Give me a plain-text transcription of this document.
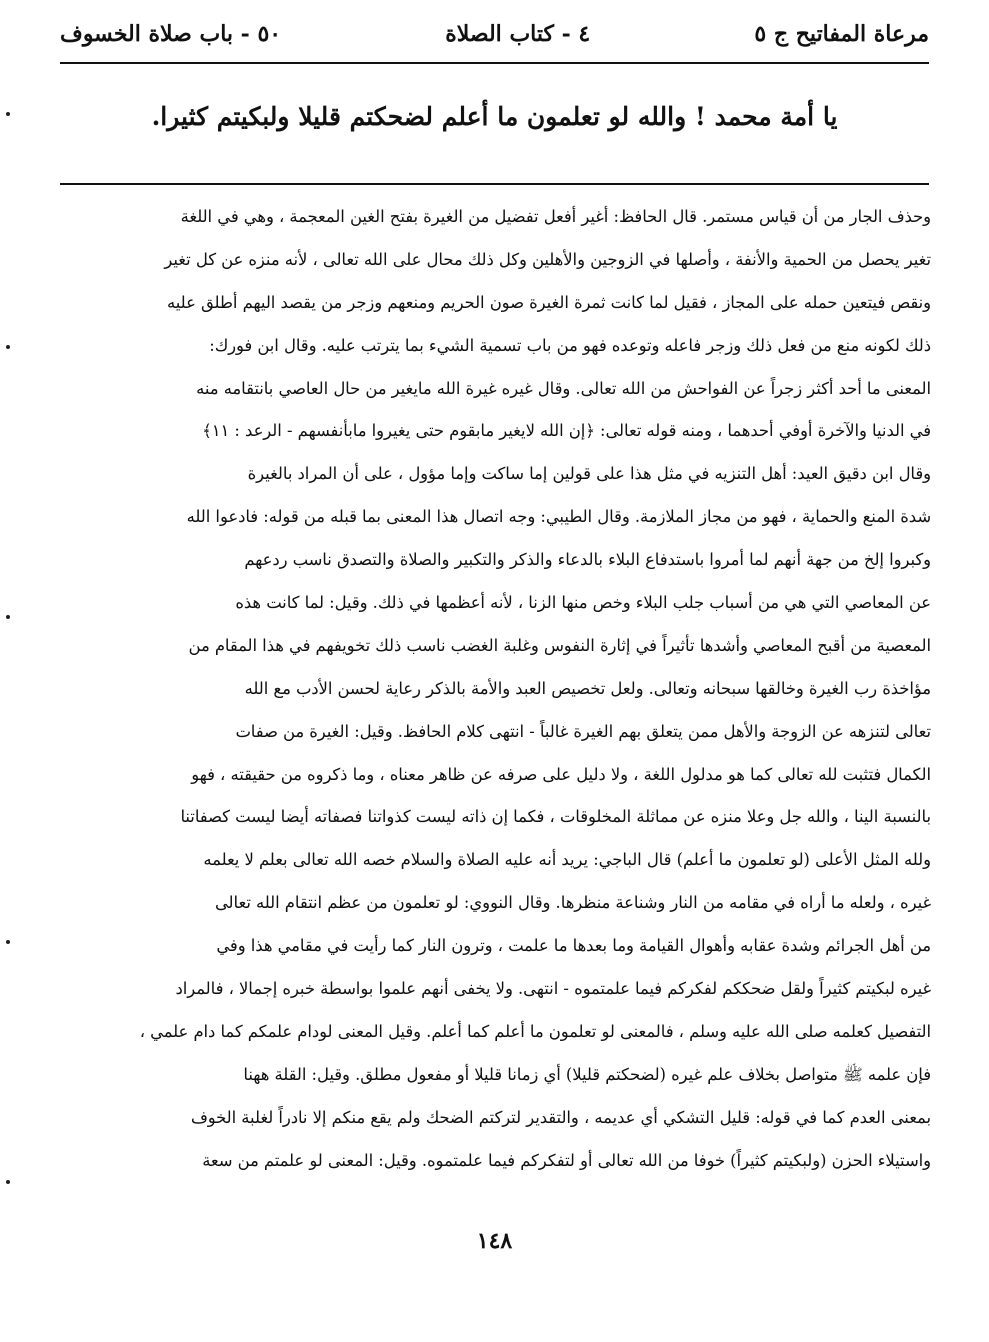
مرعاة المفاتيح ج ٥
٤ - كتاب الصلاة
٥٠ - باب صلاة الخسوف
يا أمة محمد ! والله لو تعلمون ما أعلم لضحكتم قليلا ولبكيتم كثيرا.
وحذف الجار من أن قياس مستمر. قال الحافظ: أغير أفعل تفضيل من الغيرة بفتح الغين المعجمة ، وهي في اللغة
تغير يحصل من الحمية والأنفة ، وأصلها في الزوجين والأهلين وكل ذلك محال على الله تعالى ، لأنه منزه عن كل تغير
ونقص فيتعين حمله على المجاز ، فقيل لما كانت ثمرة الغيرة صون الحريم ومنعهم وزجر من يقصد اليهم أطلق عليه
ذلك لكونه منع من فعل ذلك وزجر فاعله وتوعده فهو من باب تسمية الشيء بما يترتب عليه. وقال ابن فورك:
المعنى ما أحد أكثر زجراً عن الفواحش من الله تعالى. وقال غيره غيرة الله مايغير من حال العاصي بانتقامه منه
في الدنيا والآخرة أوفي أحدهما ، ومنه قوله تعالى: ﴿إن الله لايغير مابقوم حتى يغيروا مابأنفسهم - الرعد : ١١﴾
وقال ابن دقيق العيد: أهل التنزيه في مثل هذا على قولين إما ساكت وإما مؤول ، على أن المراد بالغيرة
شدة المنع والحماية ، فهو من مجاز الملازمة. وقال الطيبي: وجه اتصال هذا المعنى بما قبله من قوله: فادعوا الله
وكبروا إلخ من جهة أنهم لما أمروا باستدفاع البلاء بالدعاء والذكر والتكبير والصلاة والتصدق ناسب ردعهم
عن المعاصي التي هي من أسباب جلب البلاء وخص منها الزنا ، لأنه أعظمها في ذلك. وقيل: لما كانت هذه
المعصية من أقبح المعاصي وأشدها تأثيراً في إثارة النفوس وغلبة الغضب ناسب ذلك تخويفهم في هذا المقام من
مؤاخذة رب الغيرة وخالقها سبحانه وتعالى. ولعل تخصيص العبد والأمة بالذكر رعاية لحسن الأدب مع الله
تعالى لتنزهه عن الزوجة والأهل ممن يتعلق بهم الغيرة غالباً - انتهى كلام الحافظ. وقيل: الغيرة من صفات
الكمال فتثبت لله تعالى كما هو مدلول اللغة ، ولا دليل على صرفه عن ظاهر معناه ، وما ذكروه من حقيقته ، فهو
بالنسبة الينا ، والله جل وعلا منزه عن مماثلة المخلوقات ، فكما إن ذاته ليست كذواتنا فصفاته أيضا ليست كصفاتنا
ولله المثل الأعلى (لو تعلمون ما أعلم) قال الباجي: يريد أنه عليه الصلاة والسلام خصه الله تعالى بعلم لا يعلمه
غيره ، ولعله ما أراه في مقامه من النار وشناعة منظرها. وقال النووي: لو تعلمون من عظم انتقام الله تعالى
من أهل الجرائم وشدة عقابه وأهوال القيامة وما بعدها ما علمت ، وترون النار كما رأيت في مقامي هذا وفي
غيره لبكيتم كثيراً ولقل ضحككم لفكركم فيما علمتموه - انتهى. ولا يخفى أنهم علموا بواسطة خبره إجمالا ، فالمراد
التفصيل كعلمه صلى الله عليه وسلم ، فالمعنى لو تعلمون ما أعلم كما أعلم. وقيل المعنى لودام علمكم كما دام علمي ،
فإن علمه ﷺ متواصل بخلاف علم غيره (لضحكتم قليلا) أي زمانا قليلا أو مفعول مطلق. وقيل: القلة ههنا
بمعنى العدم كما في قوله: قليل التشكي أي عديمه ، والتقدير لتركتم الضحك ولم يقع منكم إلا نادراً لغلبة الخوف
واستيلاء الحزن (ولبكيتم كثيراً) خوفا من الله تعالى أو لتفكركم فيما علمتموه. وقيل: المعنى لو علمتم من سعة
١٤٨
